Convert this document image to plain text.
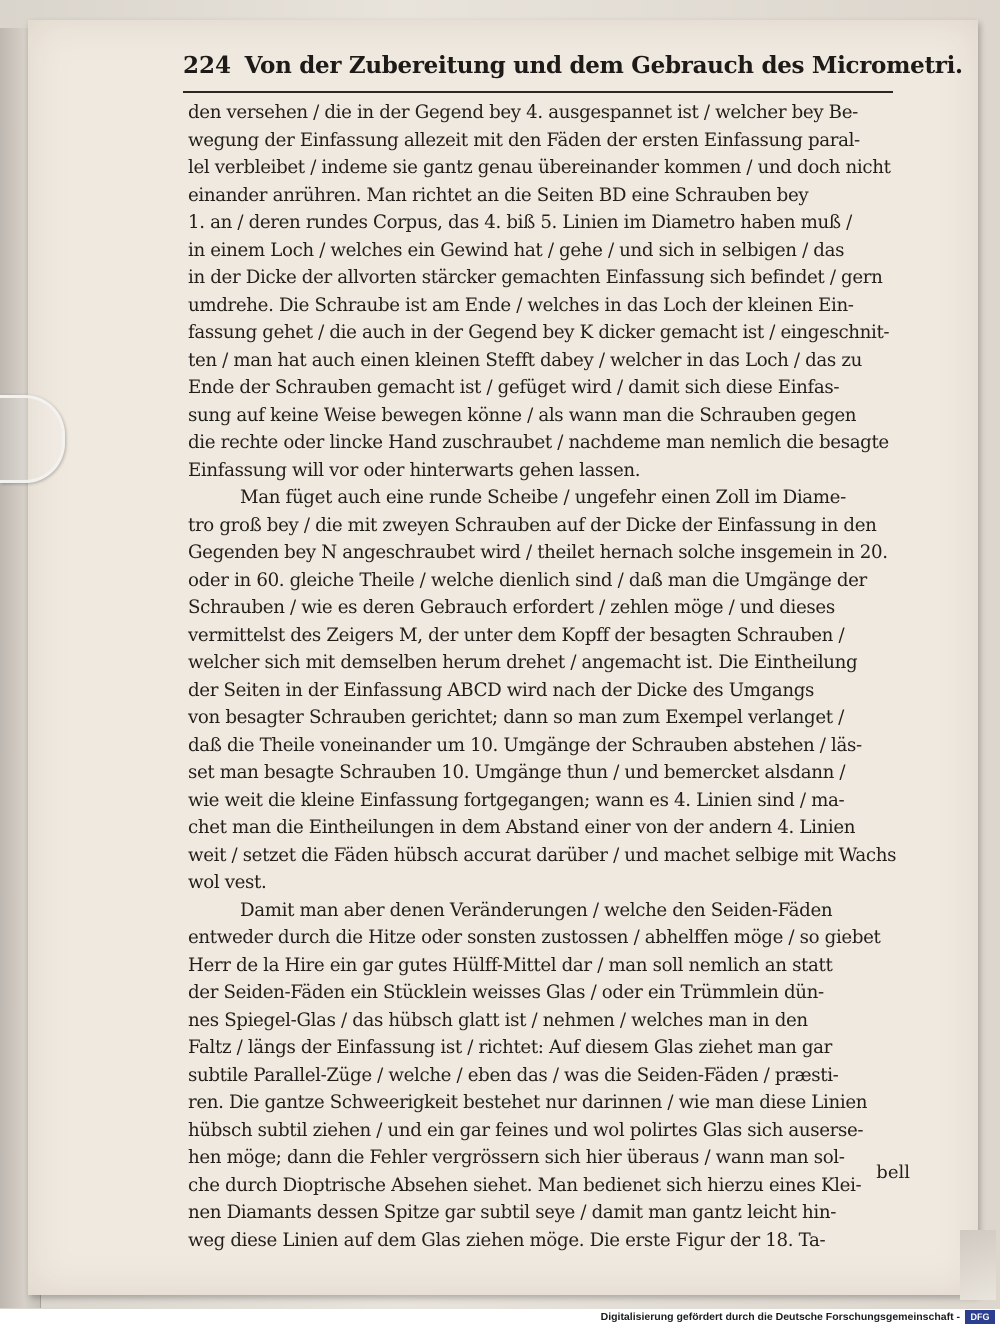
224 Von der Zubereitung und dem Gebrauch des Micrometri.
den versehen / die in der Gegend bey 4. ausgespannet ist / welcher bey Be-
wegung der Einfassung allezeit mit den Fäden der ersten Einfassung paral-
lel verbleibet / indeme sie gantz genau übereinander kommen / und doch nicht
einander anrühren. Man richtet an die Seiten BD eine Schrauben bey
1. an / deren rundes Corpus, das 4. biß 5. Linien im Diametro haben muß /
in einem Loch / welches ein Gewind hat / gehe / und sich in selbigen / das
in der Dicke der allvorten stärcker gemachten Einfassung sich befindet / gern
umdrehe. Die Schraube ist am Ende / welches in das Loch der kleinen Ein-
fassung gehet / die auch in der Gegend bey K dicker gemacht ist / eingeschnit-
ten / man hat auch einen kleinen Stefft dabey / welcher in das Loch / das zu
Ende der Schrauben gemacht ist / gefüget wird / damit sich diese Einfas-
sung auf keine Weise bewegen könne / als wann man die Schrauben gegen
die rechte oder lincke Hand zuschraubet / nachdeme man nemlich die besagte
Einfassung will vor oder hinterwarts gehen lassen.
Man füget auch eine runde Scheibe / ungefehr einen Zoll im Diame-
tro groß bey / die mit zweyen Schrauben auf der Dicke der Einfassung in den
Gegenden bey N angeschraubet wird / theilet hernach solche insgemein in 20.
oder in 60. gleiche Theile / welche dienlich sind / daß man die Umgänge der
Schrauben / wie es deren Gebrauch erfordert / zehlen möge / und dieses
vermittelst des Zeigers M, der unter dem Kopff der besagten Schrauben /
welcher sich mit demselben herum drehet / angemacht ist. Die Eintheilung
der Seiten in der Einfassung ABCD wird nach der Dicke des Umgangs
von besagter Schrauben gerichtet; dann so man zum Exempel verlanget /
daß die Theile voneinander um 10. Umgänge der Schrauben abstehen / läs-
set man besagte Schrauben 10. Umgänge thun / und bemercket alsdann /
wie weit die kleine Einfassung fortgegangen; wann es 4. Linien sind / ma-
chet man die Eintheilungen in dem Abstand einer von der andern 4. Linien
weit / setzet die Fäden hübsch accurat darüber / und machet selbige mit Wachs
wol vest.
Damit man aber denen Veränderungen / welche den Seiden-Fäden
entweder durch die Hitze oder sonsten zustossen / abhelffen möge / so giebet
Herr de la Hire ein gar gutes Hülff-Mittel dar / man soll nemlich an statt
der Seiden-Fäden ein Stücklein weisses Glas / oder ein Trümmlein dün-
nes Spiegel-Glas / das hübsch glatt ist / nehmen / welches man in den
Faltz / längs der Einfassung ist / richtet: Auf diesem Glas ziehet man gar
subtile Parallel-Züge / welche / eben das / was die Seiden-Fäden / præsti-
ren. Die gantze Schweerigkeit bestehet nur darinnen / wie man diese Linien
hübsch subtil ziehen / und ein gar feines und wol polirtes Glas sich auserse-
hen möge; dann die Fehler vergrössern sich hier überaus / wann man sol-
che durch Dioptrische Absehen siehet. Man bedienet sich hierzu eines Klei-
nen Diamants dessen Spitze gar subtil seye / damit man gantz leicht hin-
weg diese Linien auf dem Glas ziehen möge. Die erste Figur der 18. Ta-
bell
Digitalisierung gefördert durch die Deutsche Forschungsgemeinschaft -	DFG
